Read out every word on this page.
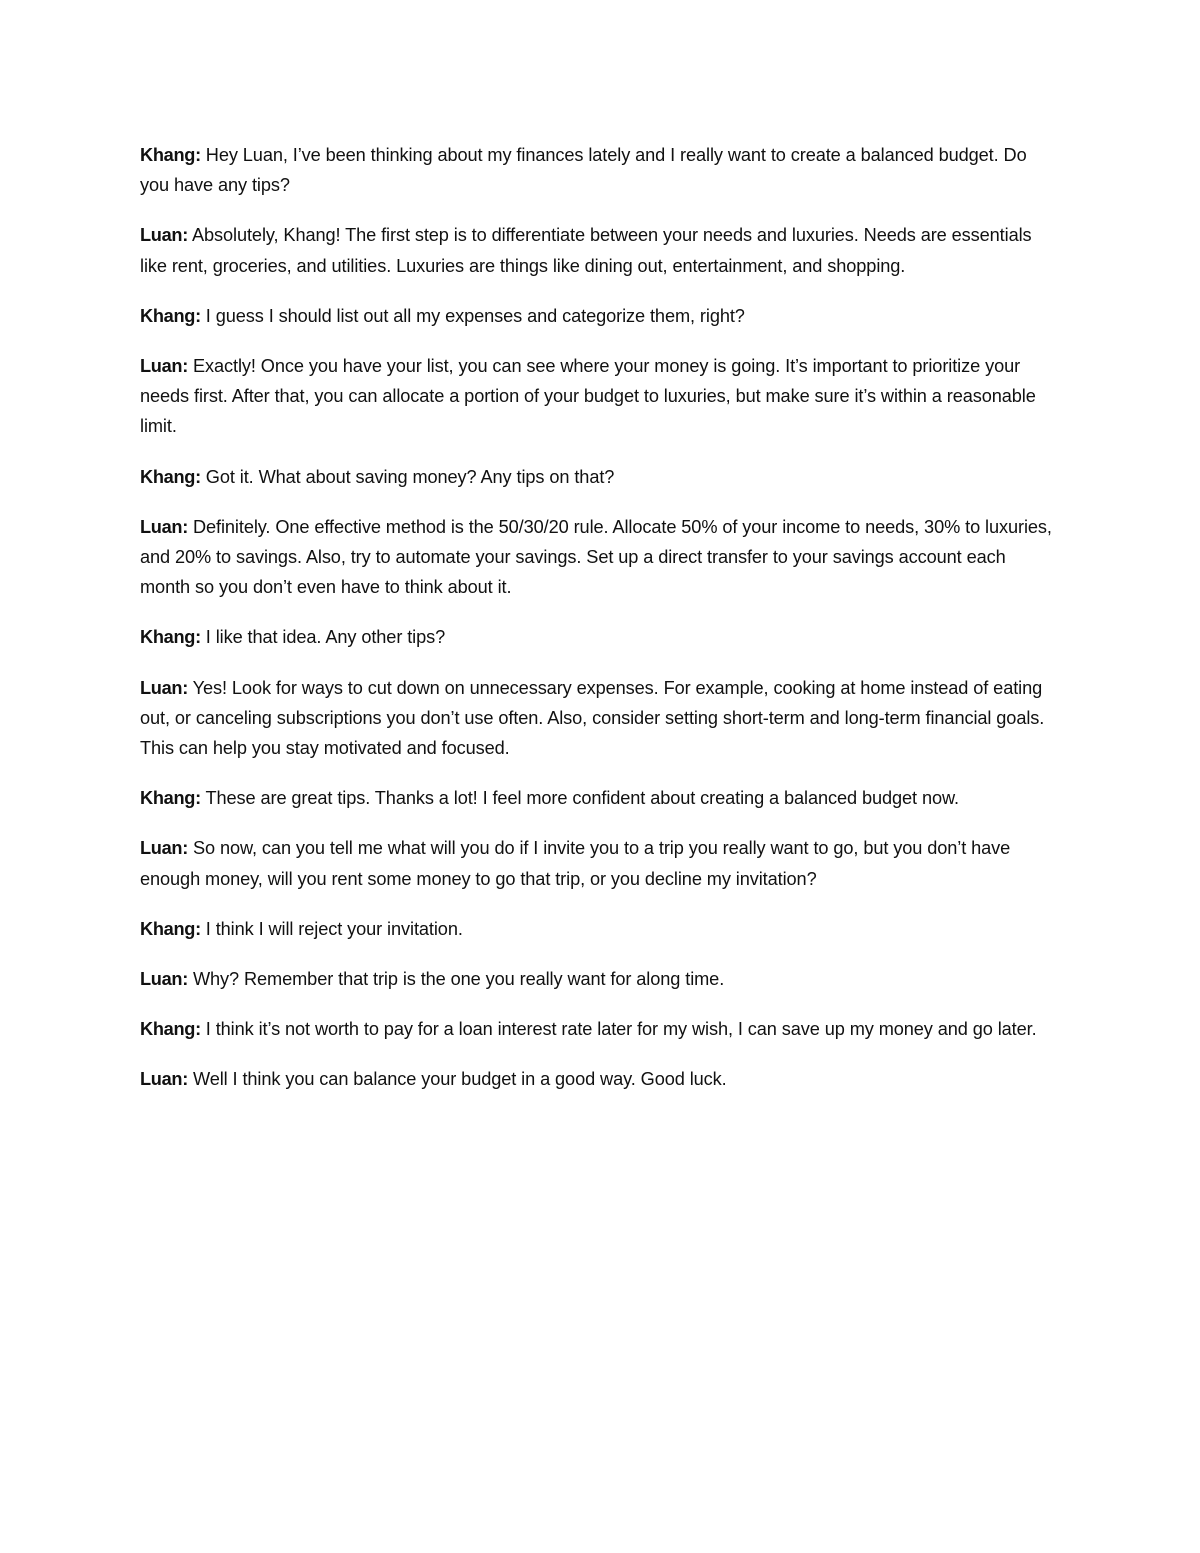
Khang: Hey Luan, I’ve been thinking about my finances lately and I really want to create a balanced budget. Do you have any tips?

Luan: Absolutely, Khang! The first step is to differentiate between your needs and luxuries. Needs are essentials like rent, groceries, and utilities. Luxuries are things like dining out, entertainment, and shopping.

Khang: I guess I should list out all my expenses and categorize them, right?

Luan: Exactly! Once you have your list, you can see where your money is going. It’s important to prioritize your needs first. After that, you can allocate a portion of your budget to luxuries, but make sure it’s within a reasonable limit.

Khang: Got it. What about saving money? Any tips on that?

Luan: Definitely. One effective method is the 50/30/20 rule. Allocate 50% of your income to needs, 30% to luxuries, and 20% to savings. Also, try to automate your savings. Set up a direct transfer to your savings account each month so you don’t even have to think about it.

Khang: I like that idea. Any other tips?

Luan: Yes! Look for ways to cut down on unnecessary expenses. For example, cooking at home instead of eating out, or canceling subscriptions you don’t use often. Also, consider setting short-term and long-term financial goals. This can help you stay motivated and focused.

Khang: These are great tips. Thanks a lot! I feel more confident about creating a balanced budget now.

Luan: So now, can you tell me what will you do if I invite you to a trip you really want to go, but you don’t have enough money, will you rent some money to go that trip, or you decline my invitation?

Khang: I think I will reject your invitation.

Luan: Why? Remember that trip is the one you really want for along time.

Khang: I think it’s not worth to pay for a loan interest rate later for my wish, I can save up my money and go later.

Luan: Well I think you can balance your budget in a good way. Good luck.
